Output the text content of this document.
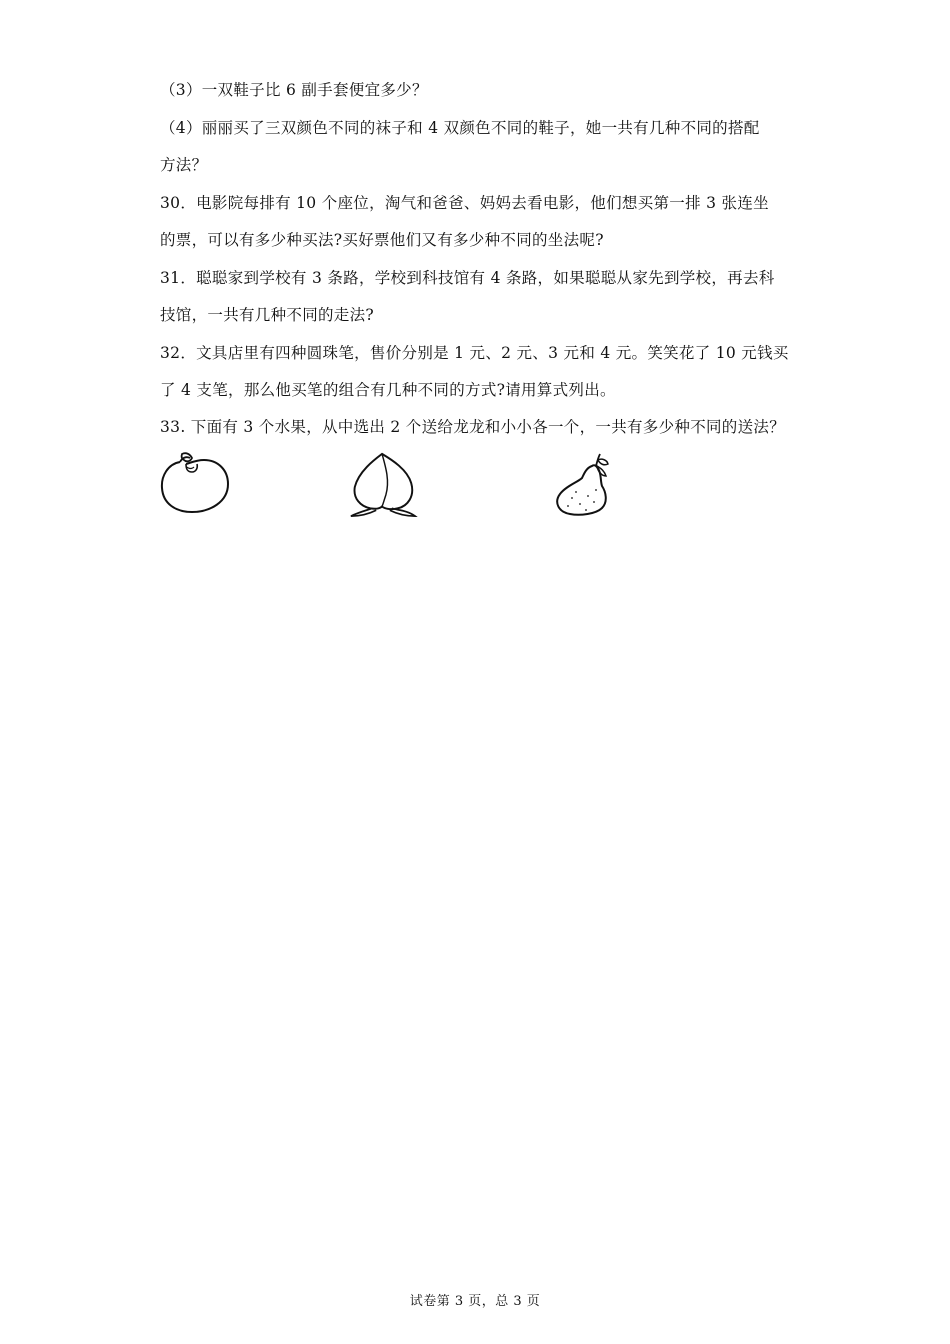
（3）一双鞋子比 6 副手套便宜多少？
（4）丽丽买了三双颜色不同的袜子和 4 双颜色不同的鞋子，她一共有几种不同的搭配
方法？
30．电影院每排有 10 个座位，淘气和爸爸、妈妈去看电影，他们想买第一排 3 张连坐
的票，可以有多少种买法?买好票他们又有多少种不同的坐法呢?
31．聪聪家到学校有 3 条路，学校到科技馆有 4 条路，如果聪聪从家先到学校，再去科
技馆，一共有几种不同的走法?
32．文具店里有四种圆珠笔，售价分别是 1 元、2 元、3 元和 4 元。笑笑花了 10 元钱买
了 4 支笔，那么他买笔的组合有几种不同的方式?请用算式列出。
33. 下面有 3 个水果，从中选出 2 个送给龙龙和小小各一个，一共有多少种不同的送法？
试卷第 3 页，总 3 页
